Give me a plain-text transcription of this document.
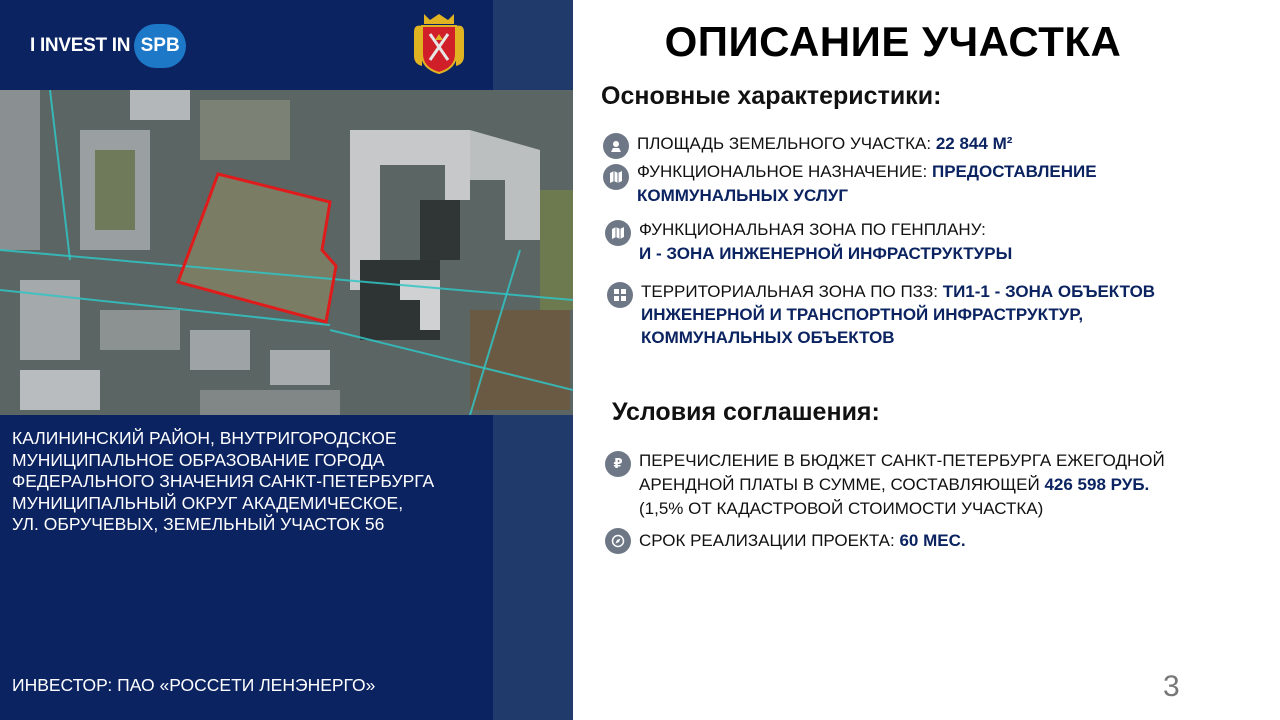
I INVEST IN SPB

КАЛИНИНСКИЙ РАЙОН, ВНУТРИГОРОДСКОЕ
МУНИЦИПАЛЬНОЕ ОБРАЗОВАНИЕ ГОРОДА
ФЕДЕРАЛЬНОГО ЗНАЧЕНИЯ САНКТ-ПЕТЕРБУРГА
МУНИЦИПАЛЬНЫЙ ОКРУГ АКАДЕМИЧЕСКОЕ,
УЛ. ОБРУЧЕВЫХ, ЗЕМЕЛЬНЫЙ УЧАСТОК 56

ИНВЕСТОР: ПАО «РОССЕТИ ЛЕНЭНЕРГО»
ОПИСАНИЕ УЧАСТКА
Основные характеристики:
ПЛОЩАДЬ ЗЕМЕЛЬНОГО УЧАСТКА: 22 844 М²
ФУНКЦИОНАЛЬНОЕ НАЗНАЧЕНИЕ: ПРЕДОСТАВЛЕНИЕ
КОММУНАЛЬНЫХ УСЛУГ
ФУНКЦИОНАЛЬНАЯ ЗОНА ПО ГЕНПЛАНУ:
И - ЗОНА ИНЖЕНЕРНОЙ ИНФРАСТРУКТУРЫ
ТЕРРИТОРИАЛЬНАЯ ЗОНА ПО ПЗЗ: ТИ1-1 - ЗОНА ОБЪЕКТОВ
ИНЖЕНЕРНОЙ И ТРАНСПОРТНОЙ ИНФРАСТРУКТУР,
КОММУНАЛЬНЫХ ОБЪЕКТОВ
Условия соглашения:
₽ ПЕРЕЧИСЛЕНИЕ В БЮДЖЕТ САНКТ-ПЕТЕРБУРГА ЕЖЕГОДНОЙ
АРЕНДНОЙ ПЛАТЫ В СУММЕ, СОСТАВЛЯЮЩЕЙ 426 598 РУБ.
(1,5% ОТ КАДАСТРОВОЙ СТОИМОСТИ УЧАСТКА)
СРОК РЕАЛИЗАЦИИ ПРОЕКТА: 60 МЕС.
3
